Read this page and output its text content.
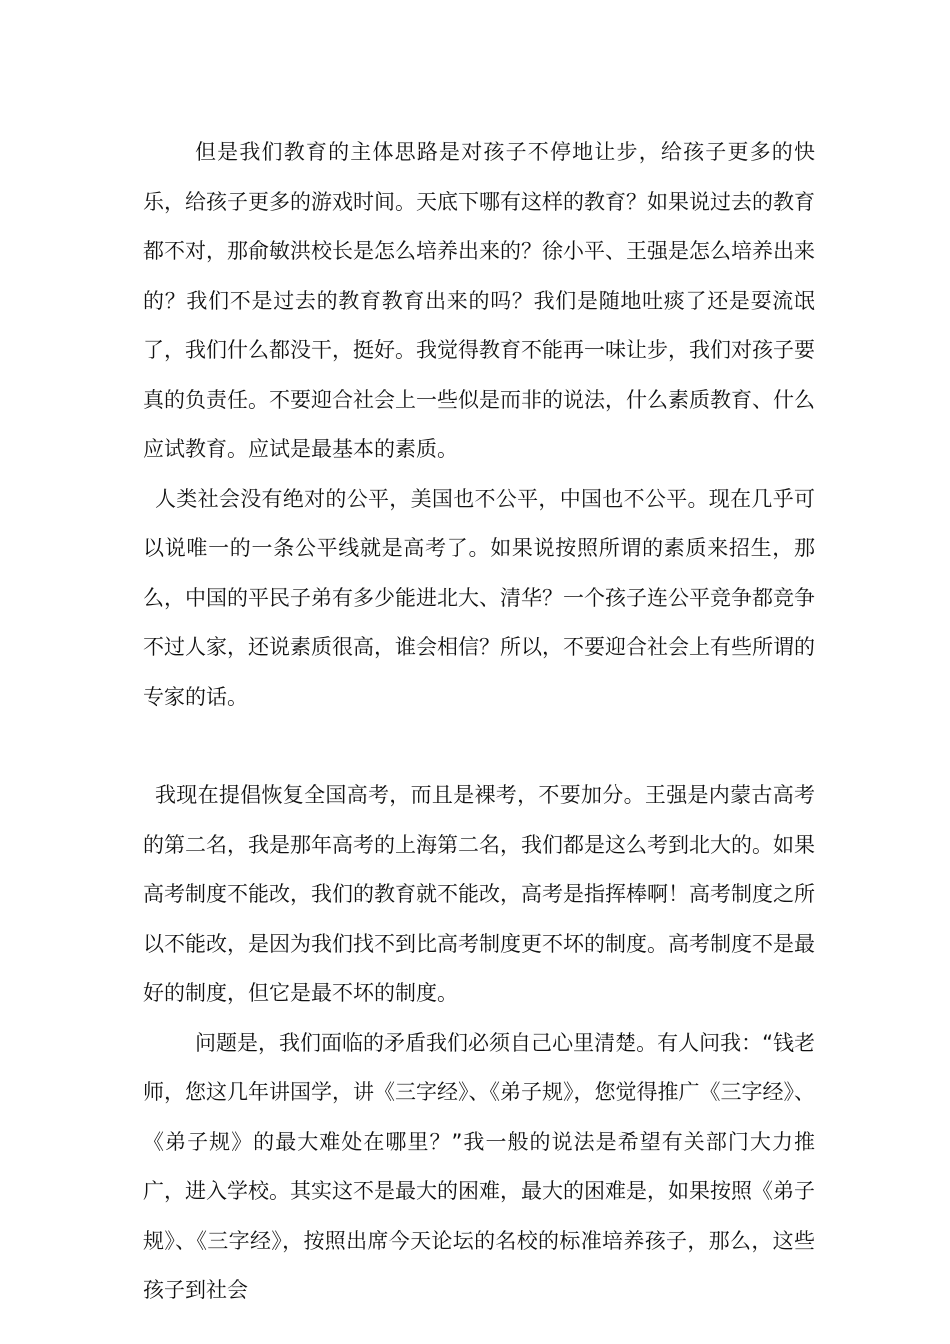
但是我们教育的主体思路是对孩子不停地让步，给孩子更多的快乐，给孩子更多的游戏时间。天底下哪有这样的教育？如果说过去的教育都不对，那俞敏洪校长是怎么培养出来的？徐小平、王强是怎么培养出来的？我们不是过去的教育教育出来的吗？我们是随地吐痰了还是耍流氓了，我们什么都没干，挺好。我觉得教育不能再一味让步，我们对孩子要真的负责任。不要迎合社会上一些似是而非的说法，什么素质教育、什么应试教育。应试是最基本的素质。

人类社会没有绝对的公平，美国也不公平，中国也不公平。现在几乎可以说唯一的一条公平线就是高考了。如果说按照所谓的素质来招生，那么，中国的平民子弟有多少能进北大、清华？一个孩子连公平竞争都竞争不过人家，还说素质很高，谁会相信？所以，不要迎合社会上有些所谓的专家的话。

我现在提倡恢复全国高考，而且是裸考，不要加分。王强是内蒙古高考的第二名，我是那年高考的上海第二名，我们都是这么考到北大的。如果高考制度不能改，我们的教育就不能改，高考是指挥棒啊！高考制度之所以不能改，是因为我们找不到比高考制度更不坏的制度。高考制度不是最好的制度，但它是最不坏的制度。

问题是，我们面临的矛盾我们必须自己心里清楚。有人问我：“钱老师，您这几年讲国学，讲《三字经》、《弟子规》，您觉得推广《三字经》、《弟子规》的最大难处在哪里？”我一般的说法是希望有关部门大力推广，进入学校。其实这不是最大的困难，最大的困难是，如果按照《弟子规》、《三字经》，按照出席今天论坛的名校的标准培养孩子，那么，这些孩子到社会
